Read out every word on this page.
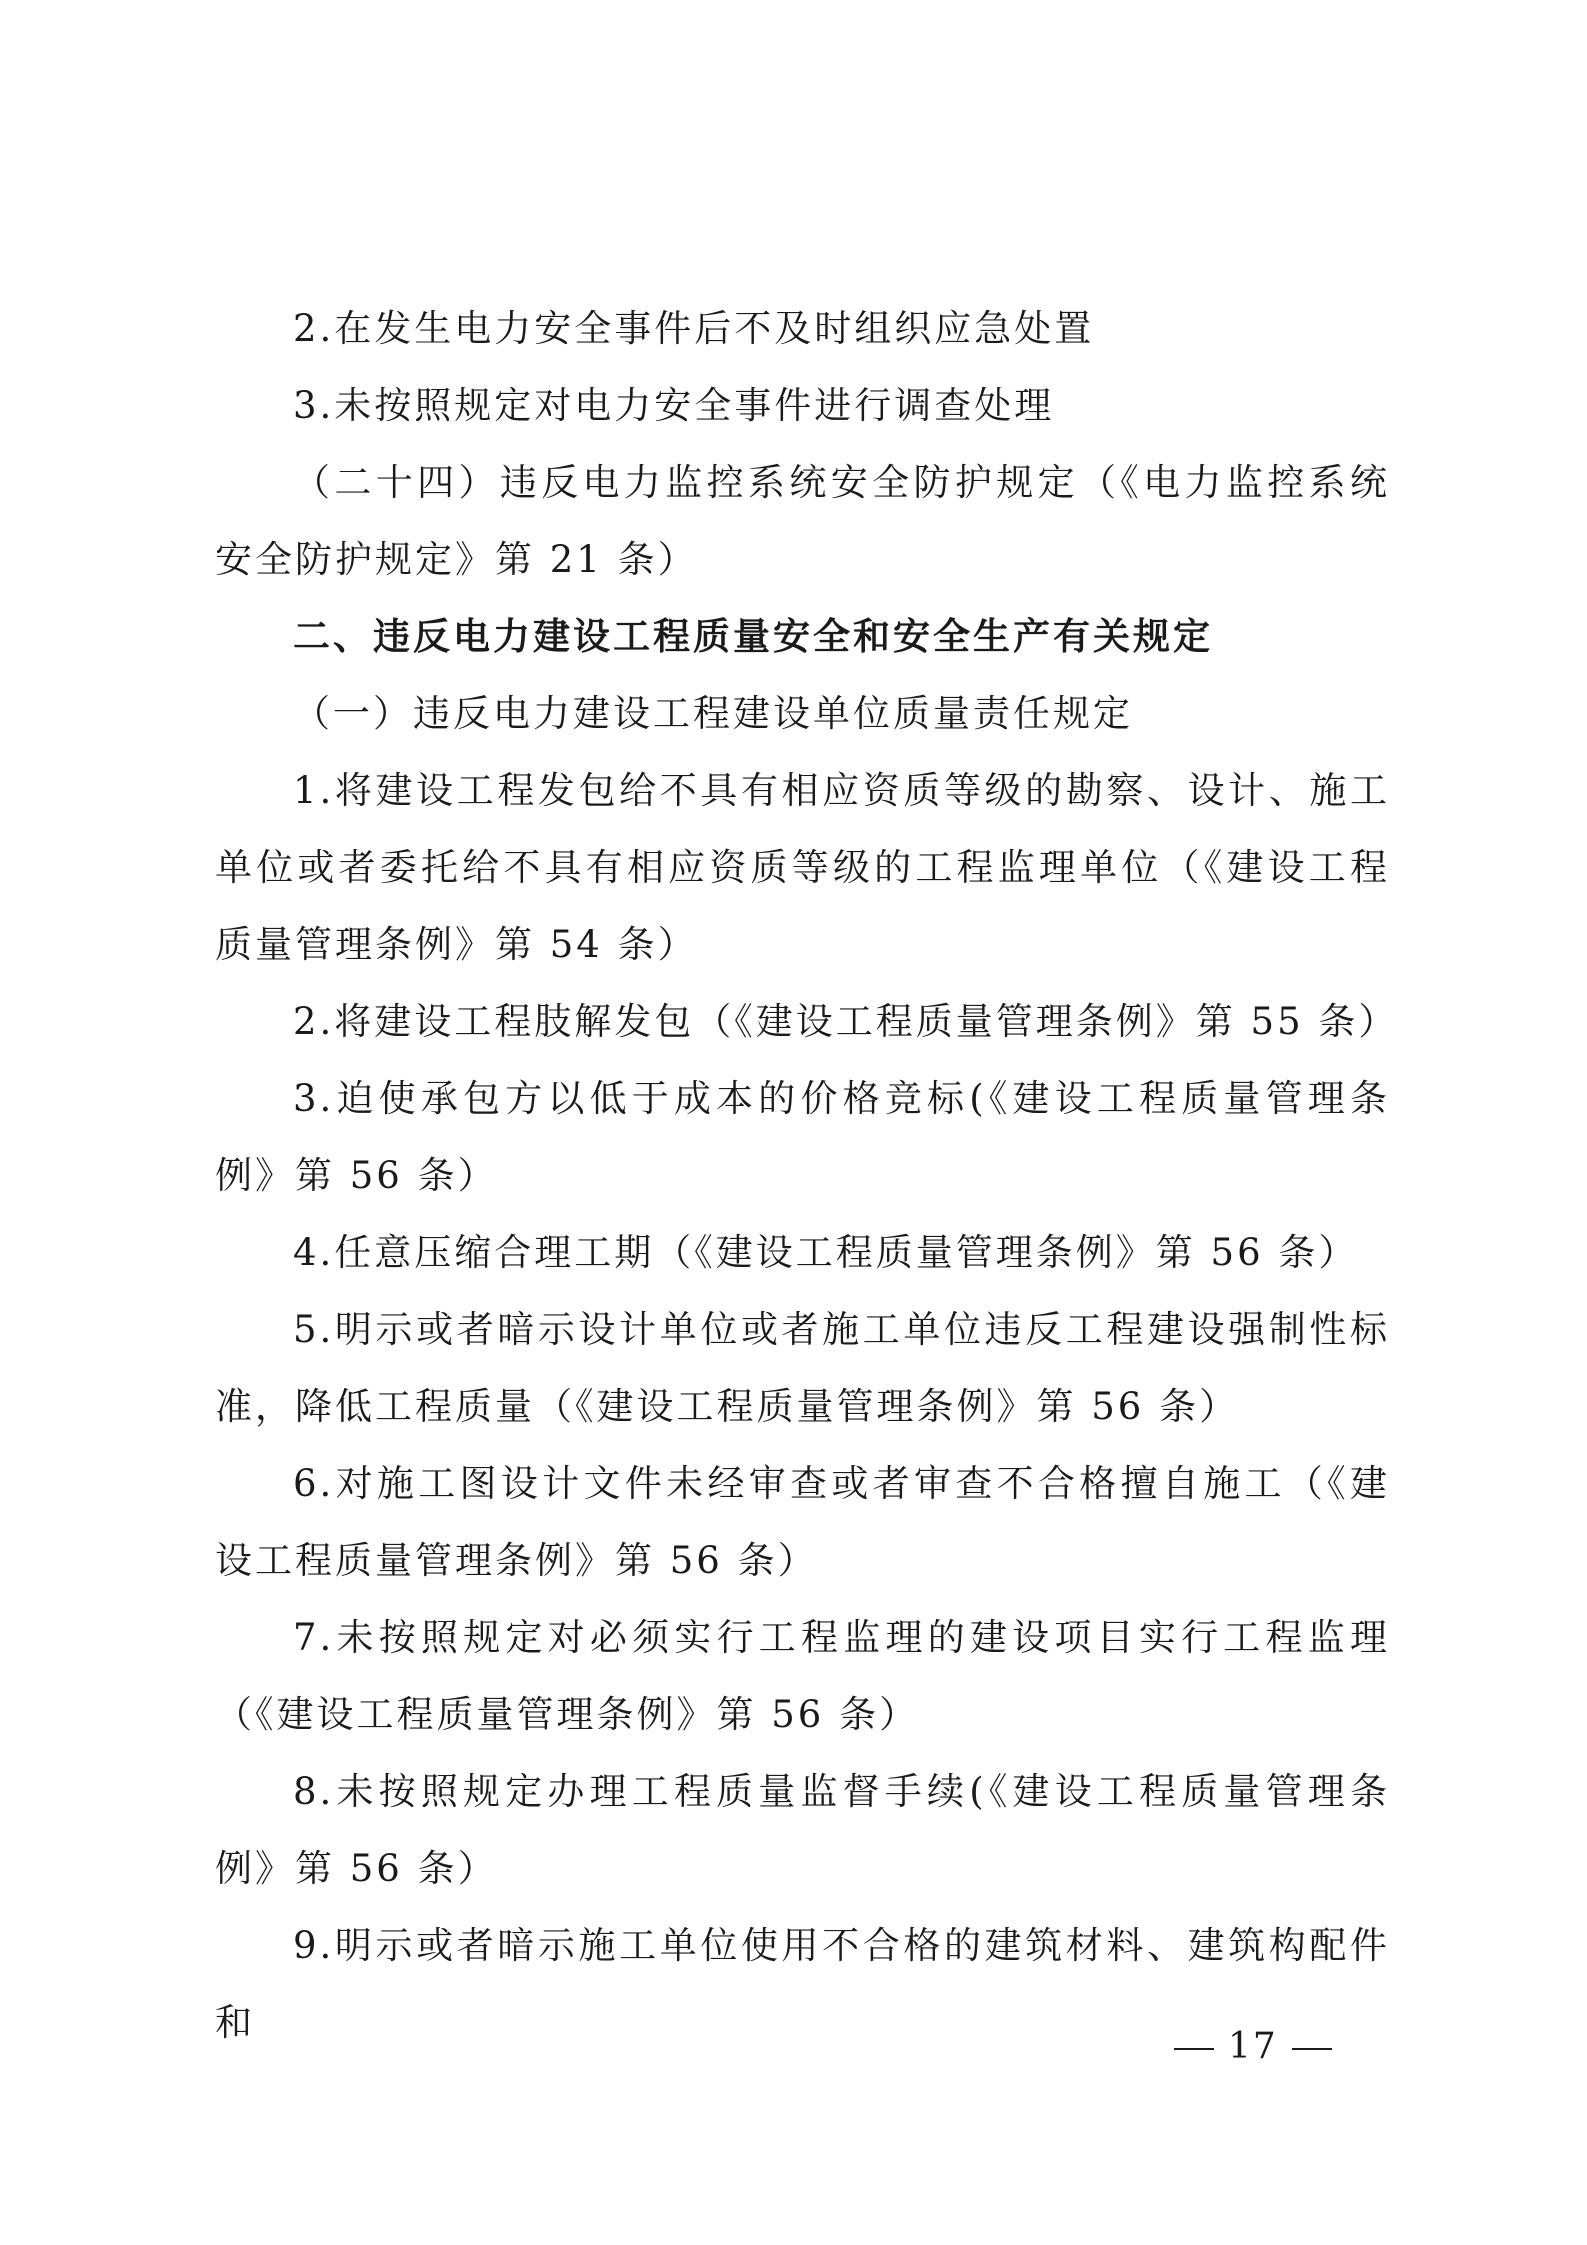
2.在发生电力安全事件后不及时组织应急处置

3.未按照规定对电力安全事件进行调查处理

（二十四）违反电力监控系统安全防护规定（《电力监控系统安全防护规定》第 21 条）

二、违反电力建设工程质量安全和安全生产有关规定

（一）违反电力建设工程建设单位质量责任规定

1.将建设工程发包给不具有相应资质等级的勘察、设计、施工单位或者委托给不具有相应资质等级的工程监理单位（《建设工程质量管理条例》第 54 条）

2.将建设工程肢解发包（《建设工程质量管理条例》第 55 条）

3.迫使承包方以低于成本的价格竞标(《建设工程质量管理条例》第 56 条）

4.任意压缩合理工期（《建设工程质量管理条例》第 56 条）

5.明示或者暗示设计单位或者施工单位违反工程建设强制性标准，降低工程质量（《建设工程质量管理条例》第 56 条）

6.对施工图设计文件未经审查或者审查不合格擅自施工（《建设工程质量管理条例》第 56 条）

7.未按照规定对必须实行工程监理的建设项目实行工程监理（《建设工程质量管理条例》第 56 条）

8.未按照规定办理工程质量监督手续(《建设工程质量管理条例》第 56 条）

9.明示或者暗示施工单位使用不合格的建筑材料、建筑构配件和

17
